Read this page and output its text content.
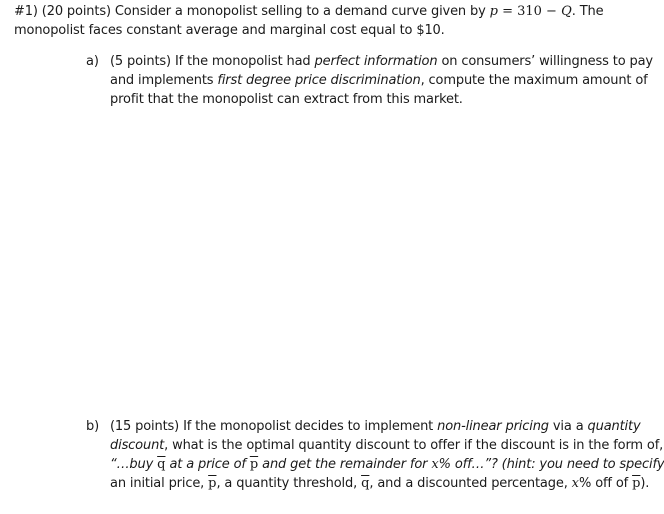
#1) (20 points) Consider a monopolist selling to a demand curve given by p = 310 − Q. The
monopolist faces constant average and marginal cost equal to $10.
a) (5 points) If the monopolist had perfect information on consumers’ willingness to pay
and implements first degree price discrimination, compute the maximum amount of
profit that the monopolist can extract from this market.
b) (15 points) If the monopolist decides to implement non-linear pricing via a quantity
discount, what is the optimal quantity discount to offer if the discount is in the form of,
“…buy $\overline{q}$ at a price of $\overline{p}$ and get the remainder for x% off…”? (hint: you need to specify
an initial price, $\overline{p}$, a quantity threshold, $\overline{q}$, and a discounted percentage, x% off of $\overline{p}$).
